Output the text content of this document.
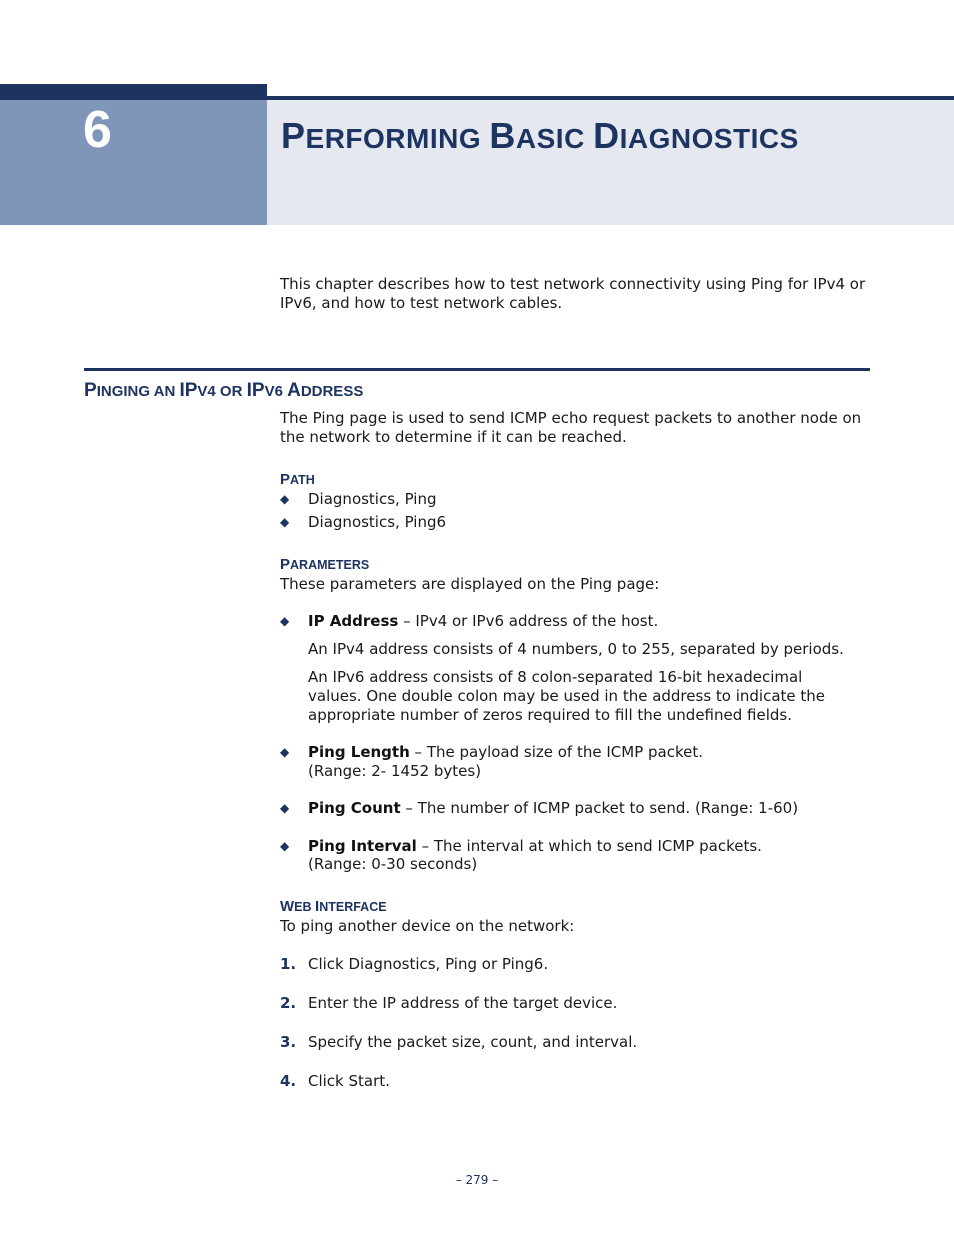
6	PERFORMING BASIC DIAGNOSTICS

This chapter describes how to test network connectivity using Ping for IPv4 or IPv6, and how to test network cables.

PINGING AN IPV4 OR IPV6 ADDRESS

The Ping page is used to send ICMP echo request packets to another node on the network to determine if it can be reached.

PATH
◆ Diagnostics, Ping
◆ Diagnostics, Ping6
PARAMETERS

These parameters are displayed on the Ping page:

◆ IP Address – IPv4 or IPv6 address of the host.

An IPv4 address consists of 4 numbers, 0 to 255, separated by periods.

An IPv6 address consists of 8 colon-separated 16-bit hexadecimal

values. One double colon may be used in the address to indicate the

appropriate number of zeros required to fill the undefined fields.

◆ Ping Length – The payload size of the ICMP packet.

(Range: 2- 1452 bytes)

◆ Ping Count – The number of ICMP packet to send. (Range: 1-60)
◆ Ping Interval – The interval at which to send ICMP packets.

(Range: 0-30 seconds)

WEB INTERFACE

To ping another device on the network:

1. Click Diagnostics, Ping or Ping6.
2. Enter the IP address of the target device.
3. Specify the packet size, count, and interval.
4. Click Start.
– 279 –
